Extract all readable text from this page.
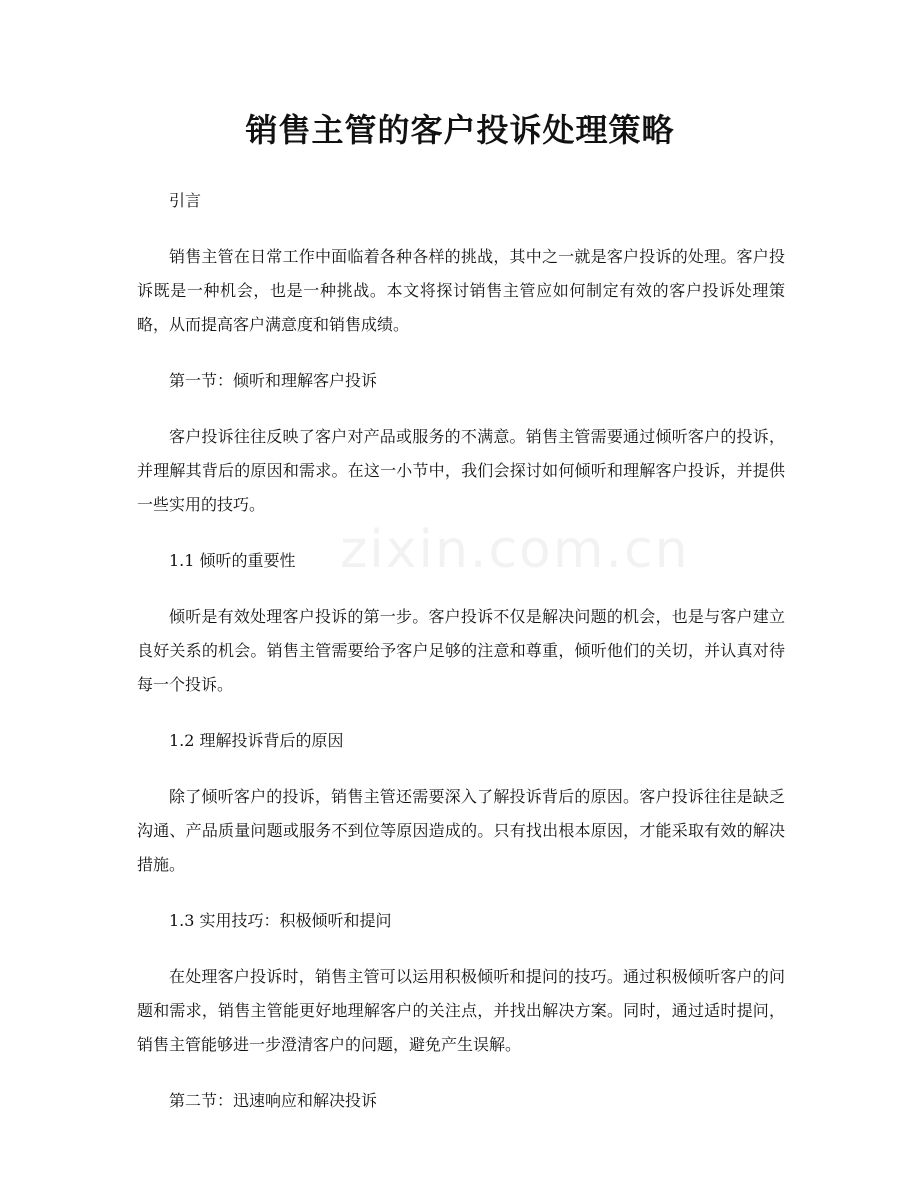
销售主管的客户投诉处理策略
zixin.com.cn

引言

销售主管在日常工作中面临着各种各样的挑战，其中之一就是客户投诉的处理。客户投诉既是一种机会，也是一种挑战。本文将探讨销售主管应如何制定有效的客户投诉处理策略，从而提高客户满意度和销售成绩。

第一节：倾听和理解客户投诉

客户投诉往往反映了客户对产品或服务的不满意。销售主管需要通过倾听客户的投诉，并理解其背后的原因和需求。在这一小节中，我们会探讨如何倾听和理解客户投诉，并提供一些实用的技巧。

1.1 倾听的重要性

倾听是有效处理客户投诉的第一步。客户投诉不仅是解决问题的机会，也是与客户建立良好关系的机会。销售主管需要给予客户足够的注意和尊重，倾听他们的关切，并认真对待每一个投诉。

1.2 理解投诉背后的原因

除了倾听客户的投诉，销售主管还需要深入了解投诉背后的原因。客户投诉往往是缺乏沟通、产品质量问题或服务不到位等原因造成的。只有找出根本原因，才能采取有效的解决措施。

1.3 实用技巧：积极倾听和提问

在处理客户投诉时，销售主管可以运用积极倾听和提问的技巧。通过积极倾听客户的问题和需求，销售主管能更好地理解客户的关注点，并找出解决方案。同时，通过适时提问，销售主管能够进一步澄清客户的问题，避免产生误解。

第二节：迅速响应和解决投诉
